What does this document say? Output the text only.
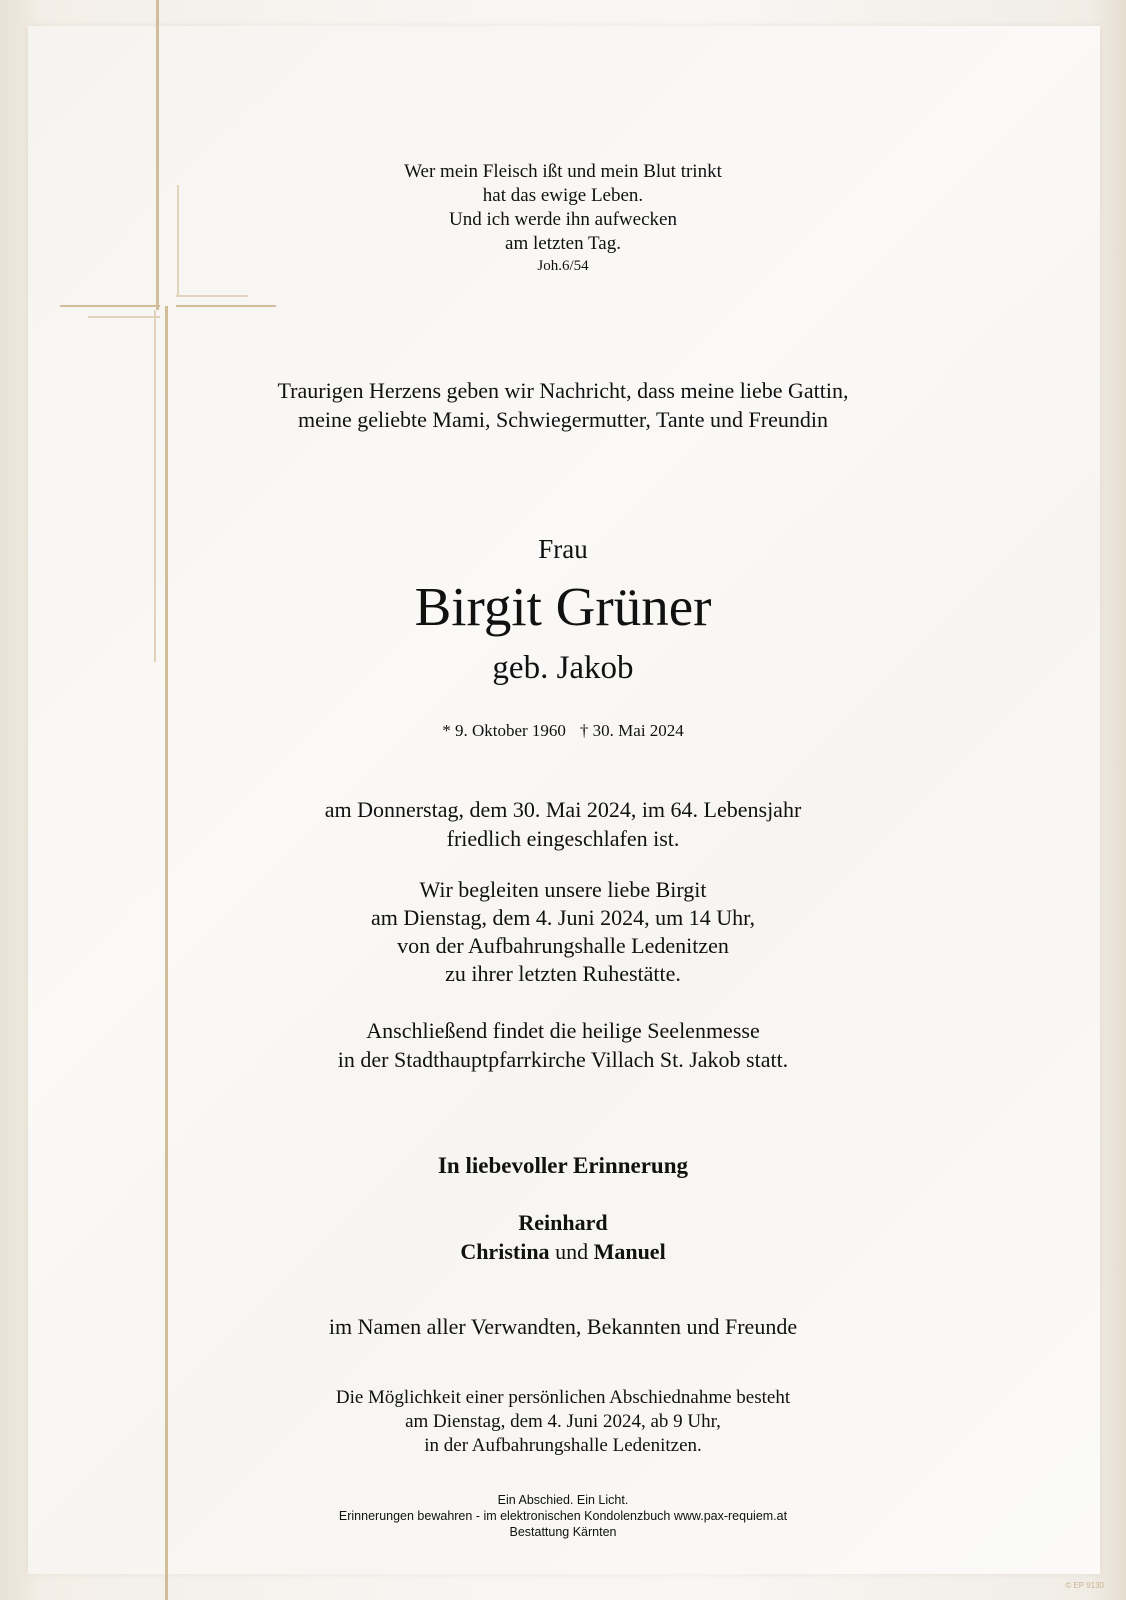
Wer mein Fleisch ißt und mein Blut trinkt
hat das ewige Leben.
Und ich werde ihn aufwecken
am letzten Tag.
Joh.6/54
Traurigen Herzens geben wir Nachricht, dass meine liebe Gattin,
meine geliebte Mami, Schwiegermutter, Tante und Freundin
Frau
Birgit Grüner
geb. Jakob
* 9. Oktober 1960 † 30. Mai 2024
am Donnerstag, dem 30. Mai 2024, im 64. Lebensjahr
friedlich eingeschlafen ist.
Wir begleiten unsere liebe Birgit
am Dienstag, dem 4. Juni 2024, um 14 Uhr,
von der Aufbahrungshalle Ledenitzen
zu ihrer letzten Ruhestätte.
Anschließend findet die heilige Seelenmesse
in der Stadthauptpfarrkirche Villach St. Jakob statt.
In liebevoller Erinnerung
Reinhard
Christina und Manuel
im Namen aller Verwandten, Bekannten und Freunde
Die Möglichkeit einer persönlichen Abschiednahme besteht
am Dienstag, dem 4. Juni 2024, ab 9 Uhr,
in der Aufbahrungshalle Ledenitzen.
Ein Abschied. Ein Licht.
Erinnerungen bewahren - im elektronischen Kondolenzbuch www.pax-requiem.at
Bestattung Kärnten
© EP 9130
